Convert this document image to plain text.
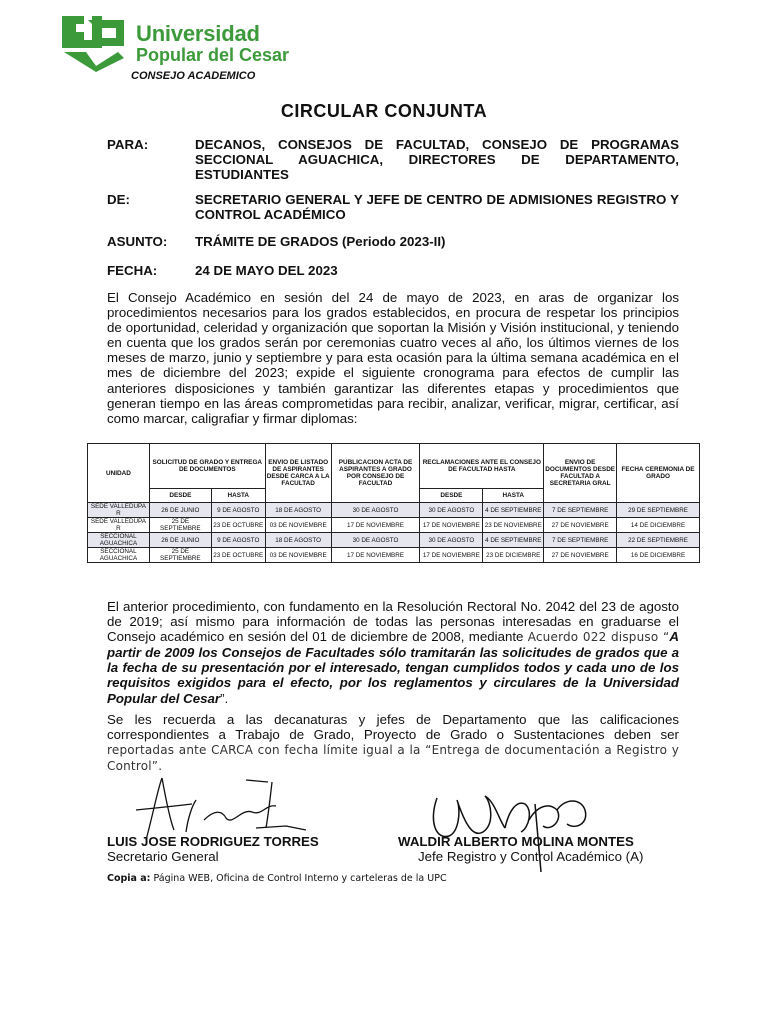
Universidad
Popular del Cesar
CONSEJO ACADEMICO
CIRCULAR CONJUNTA
PARA:	DECANOS, CONSEJOS DE FACULTAD, CONSEJO DE PROGRAMAS SECCIONAL AGUACHICA, DIRECTORES DE DEPARTAMENTO, ESTUDIANTES
DE:	SECRETARIO GENERAL Y JEFE DE CENTRO DE ADMISIONES REGISTRO Y CONTROL ACADÉMICO
ASUNTO: TRÁMITE DE GRADOS (Periodo 2023-II)
FECHA:	24 DE MAYO DEL 2023
El Consejo Académico en sesión del 24 de mayo de 2023, en aras de organizar los procedimientos necesarios para los grados establecidos, en procura de respetar los principios de oportunidad, celeridad y organización que soportan la Misión y Visión institucional, y teniendo en cuenta que los grados serán por ceremonias cuatro veces al año, los últimos viernes de los meses de marzo, junio y septiembre y para esta ocasión para la última semana académica en el mes de diciembre del 2023; expide el siguiente cronograma para efectos de cumplir las anteriores disposiciones y también garantizar las diferentes etapas y procedimientos que generan tiempo en las áreas comprometidas para recibir, analizar, verificar, migrar, certificar, así como marcar, caligrafiar y firmar diplomas:
UNIDAD	SOLICITUD DE GRADO Y ENTREGA DE DOCUMENTOS		ENVIO DE LISTADO DE ASPIRANTES DESDE CARCA A LA FACULTAD	PUBLICACION ACTA DE ASPIRANTES A GRADO POR CONSEJO DE FACULTAD	RECLAMACIONES ANTE EL CONSEJO DE FACULTAD HASTA		ENVIO DE DOCUMENTOS DESDE FACULTAD A SECRETARIA GRAL	FECHA CEREMONIA DE GRADO
	DESDE	HASTA			DESDE	HASTA		
SEDE VALLEDUPA R	26 DE JUNIO	9 DE AGOSTO	18 DE AGOSTO	30 DE AGOSTO	30 DE AGOSTO	4 DE SEPTIEMBRE	7 DE SEPTIEMBRE	29 DE SEPTIEMBRE
SEDE VALLEDUPA R	25 DE SEPTIEMBRE	23 DE OCTUBRE	03 DE NOVIEMBRE	17 DE NOVIEMBRE	17 DE NOVIEMBRE	23 DE NOVIEMBRE	27 DE NOVIEMBRE	14 DE DICIEMBRE
SECCIONAL AGUACHICA	26 DE JUNIO	9 DE AGOSTO	18 DE AGOSTO	30 DE AGOSTO	30 DE AGOSTO	4 DE SEPTIEMBRE	7 DE SEPTIEMBRE	22 DE SEPTIEMBRE
SECCIONAL AGUACHICA	25 DE SEPTIEMBRE	23 DE OCTUBRE	03 DE NOVIEMBRE	17 DE NOVIEMBRE	17 DE NOVIEMBRE	23 DE DICIEMBRE	27 DE NOVIEMBRE	16 DE DICIEMBRE
El anterior procedimiento, con fundamento en la Resolución Rectoral No. 2042 del 23 de agosto de 2019; así mismo para información de todas las personas interesadas en graduarse el Consejo académico en sesión del 01 de diciembre de 2008, mediante Acuerdo 022 dispuso “A partir de 2009 los Consejos de Facultades sólo tramitarán las solicitudes de grados que a la fecha de su presentación por el interesado, tengan cumplidos todos y cada uno de los requisitos exigidos para el efecto, por los reglamentos y circulares de la Universidad Popular del Cesar”.
Se les recuerda a las decanaturas y jefes de Departamento que las calificaciones correspondientes a Trabajo de Grado, Proyecto de Grado o Sustentaciones deben ser reportadas ante CARCA con fecha límite igual a la “Entrega de documentación a Registro y Control”.
LUIS JOSE RODRIGUEZ TORRES
Secretario General
WALDIR ALBERTO MOLINA MONTES
Jefe Registro y Control Académico (A)
Copia a: Página WEB, Oficina de Control Interno y carteleras de la UPC
